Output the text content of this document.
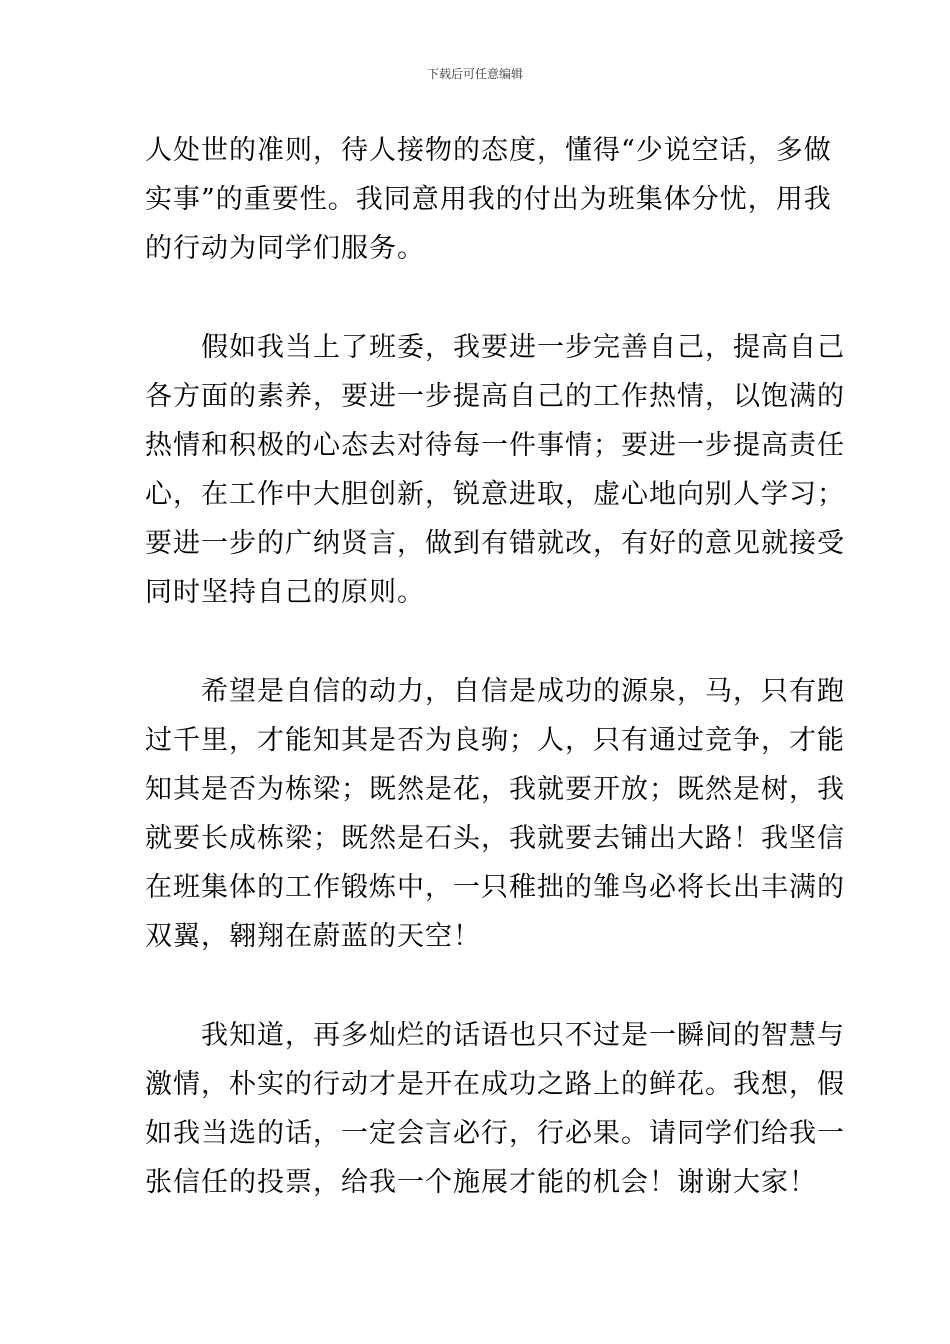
下载后可任意编辑

人处世的准则，待人接物的态度，懂得“少说空话，多做
实事”的重要性。我同意用我的付出为班集体分忧，用我
的行动为同学们服务。

假如我当上了班委，我要进一步完善自己，提高自己
各方面的素养，要进一步提高自己的工作热情，以饱满的
热情和积极的心态去对待每一件事情；要进一步提高责任
心，在工作中大胆创新，锐意进取，虚心地向别人学习；
要进一步的广纳贤言，做到有错就改，有好的意见就接受
同时坚持自己的原则。

希望是自信的动力，自信是成功的源泉，马，只有跑
过千里，才能知其是否为良驹；人，只有通过竞争，才能
知其是否为栋梁；既然是花，我就要开放；既然是树，我
就要长成栋梁；既然是石头，我就要去铺出大路！我坚信
在班集体的工作锻炼中，一只稚拙的雏鸟必将长出丰满的
双翼，翱翔在蔚蓝的天空！

我知道，再多灿烂的话语也只不过是一瞬间的智慧与
激情，朴实的行动才是开在成功之路上的鲜花。我想，假
如我当选的话，一定会言必行，行必果。请同学们给我一
张信任的投票，给我一个施展才能的机会！谢谢大家！
